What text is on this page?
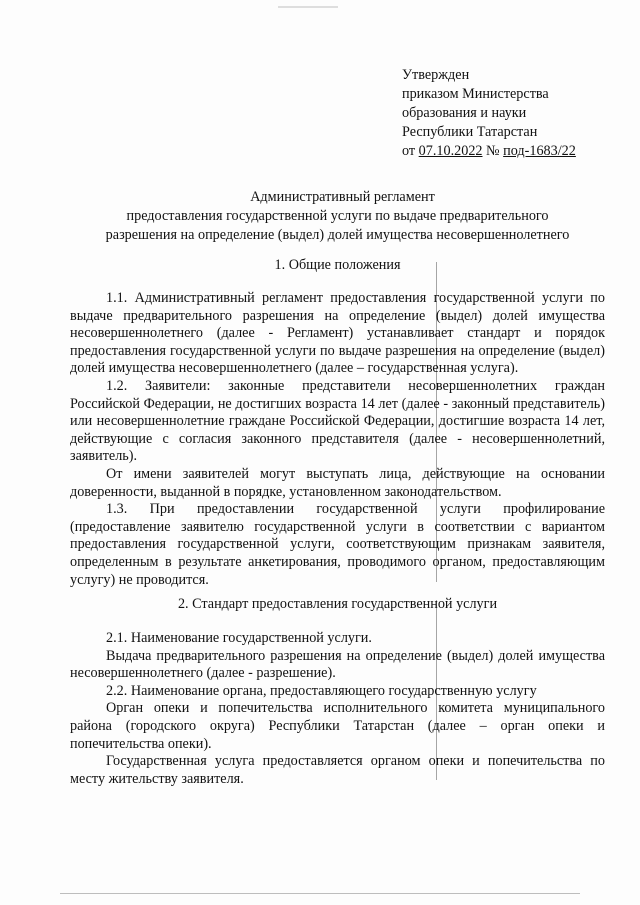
Утвержден
приказом Министерства
образования и науки
Республики Татарстан
от 07.10.2022 № под-1683/22
Административный регламент
предоставления государственной услуги по выдаче предварительного
разрешения на определение (выдел) долей имущества несовершеннолетнего
1. Общие положения

1.1. Административный регламент предоставления государственной услуги по выдаче предварительного разрешения на определение (выдел) долей имущества несовершеннолетнего (далее - Регламент) устанавливает стандарт и порядок предоставления государственной услуги по выдаче разрешения на определение (выдел) долей имущества несовершеннолетнего (далее – государственная услуга).

1.2. Заявители: законные представители несовершеннолетних граждан Российской Федерации, не достигших возраста 14 лет (далее - законный представитель) или несовершеннолетние граждане Российской Федерации, достигшие возраста 14 лет, действующие с согласия законного представителя (далее - несовершеннолетний, заявитель).

От имени заявителей могут выступать лица, действующие на основании доверенности, выданной в порядке, установленном законодательством.

1.3. При предоставлении государственной услуги профилирование (предоставление заявителю государственной услуги в соответствии с вариантом предоставления государственной услуги, соответствующим признакам заявителя, определенным в результате анкетирования, проводимого органом, предоставляющим услугу) не проводится.

2. Стандарт предоставления государственной услуги

2.1. Наименование государственной услуги.

Выдача предварительного разрешения на определение (выдел) долей имущества несовершеннолетнего (далее - разрешение).

2.2. Наименование органа, предоставляющего государственную услугу

Орган опеки и попечительства исполнительного комитета муниципального района (городского округа) Республики Татарстан (далее – орган опеки и попечительства опеки).

Государственная услуга предоставляется органом опеки и попечительства по месту жительству заявителя.
